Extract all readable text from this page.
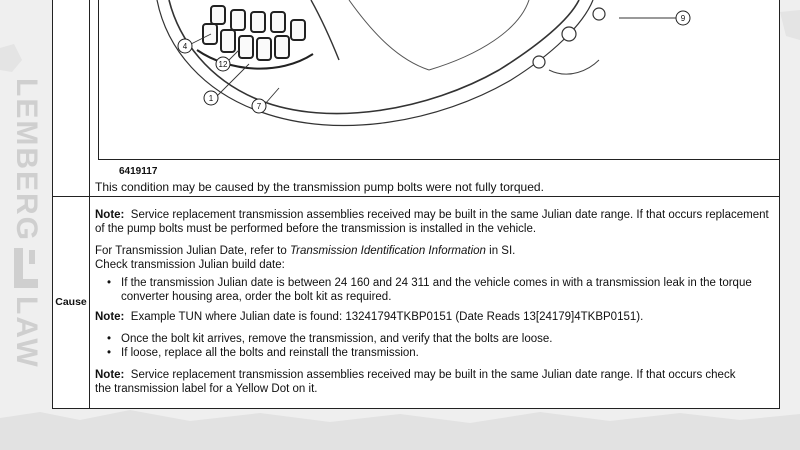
LEMBERG
LAW
4
12
1
7
9
6419117
This condition may be caused by the transmission pump bolts were not fully torqued.
Cause
Note: Service replacement transmission assemblies received may be built in the same Julian date range. If that occurs replacement
of the pump bolts must be performed before the transmission is installed in the vehicle.
For Transmission Julian Date, refer to Transmission Identification Information in SI.
Check transmission Julian build date:
• If the transmission Julian date is between 24 160 and 24 311 and the vehicle comes in with a transmission leak in the torque
converter housing area, order the bolt kit as required.
Note: Example TUN where Julian date is found: 13241794TKBP0151 (Date Reads 13[24179]4TKBP0151).
• Once the bolt kit arrives, remove the transmission, and verify that the bolts are loose.
• If loose, replace all the bolts and reinstall the transmission.
Note: Service replacement transmission assemblies received may be built in the same Julian date range. If that occurs check
the transmission label for a Yellow Dot on it.
